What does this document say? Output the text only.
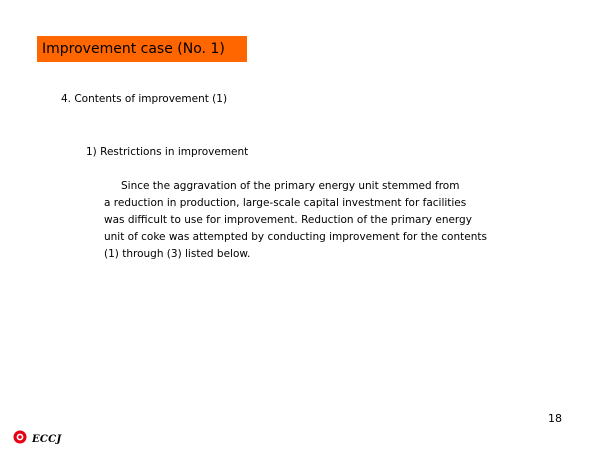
Improvement case (No. 1)
4. Contents of improvement (1)
1) Restrictions in improvement
Since the aggravation of the primary energy unit stemmed from
a reduction in production, large-scale capital investment for facilities
was difficult to use for improvement. Reduction of the primary energy
unit of coke was attempted by conducting improvement for the contents
(1) through (3) listed below.
18
ECCJ
